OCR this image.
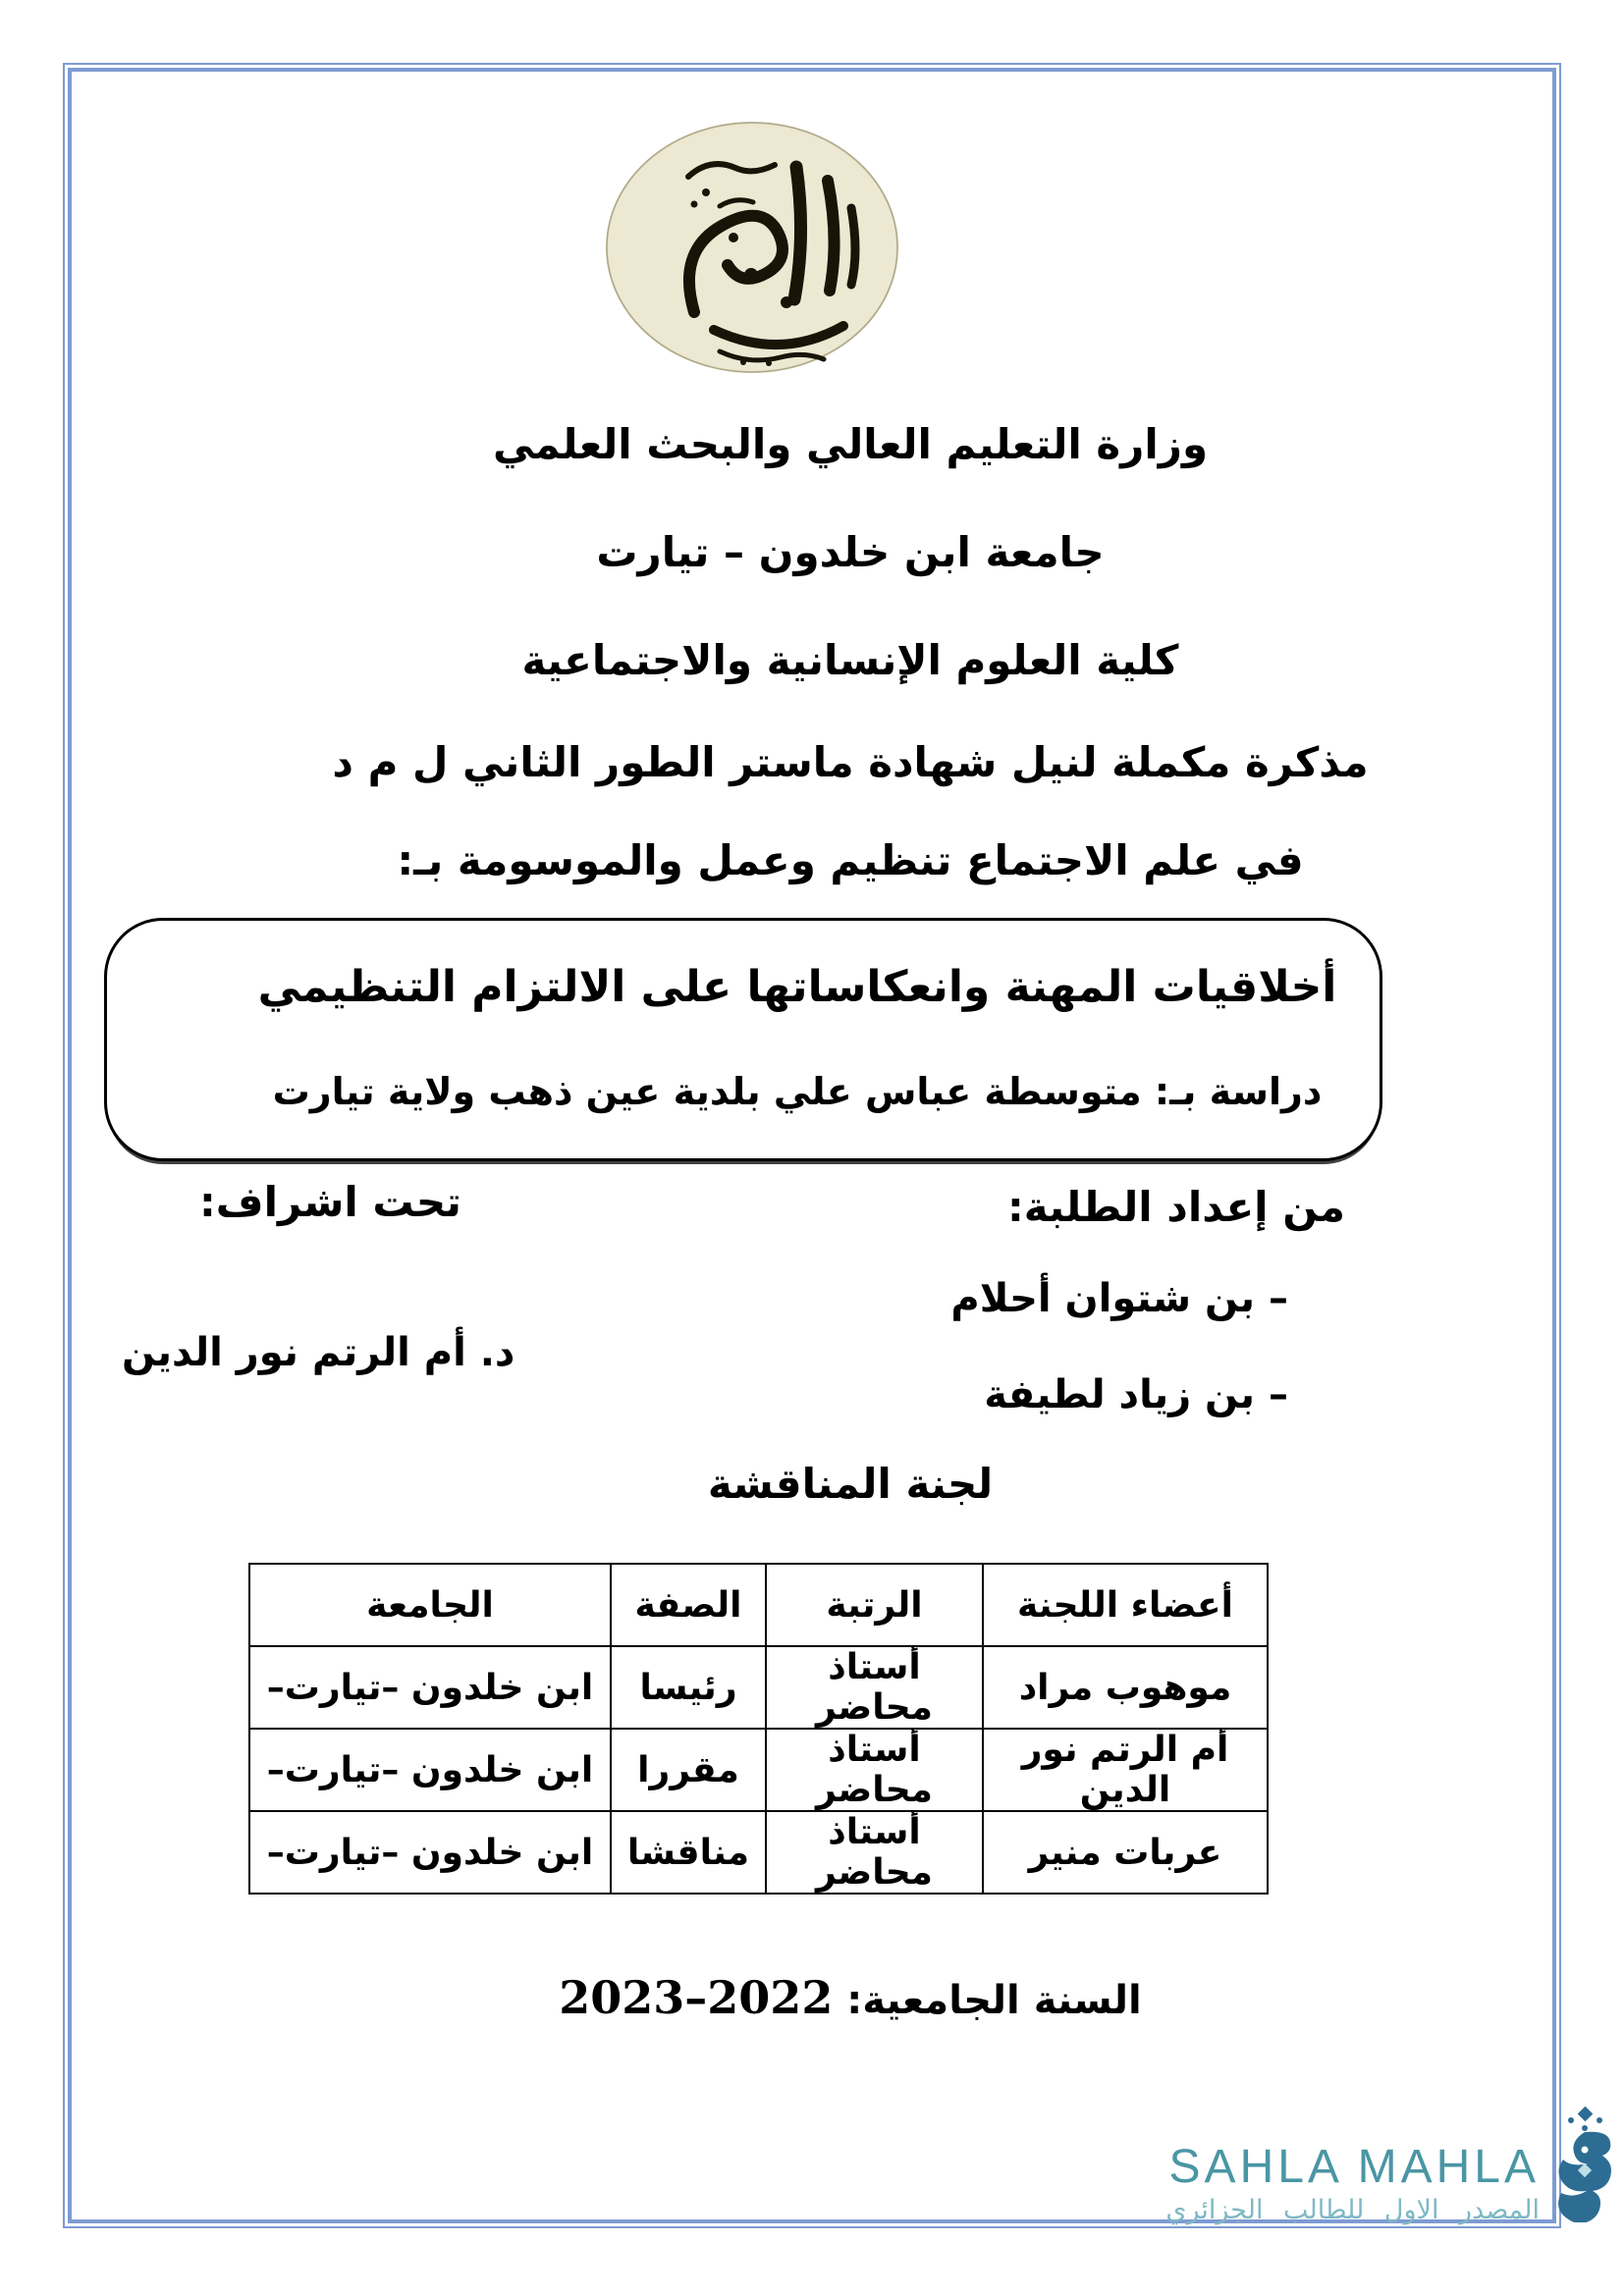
وزارة التعليم العالي والبحث العلمي
جامعة ابن خلدون – تيارت
كلية العلوم الإنسانية والاجتماعية
مذكرة مكملة لنيل شهادة ماستر الطور الثاني ل م د
في علم الاجتماع تنظيم وعمل والموسومة بـ:
أخلاقيات المهنة وانعكاساتها على الالتزام التنظيمي
دراسة بـ: متوسطة عباس علي بلدية عين ذهب ولاية تيارت
من إعداد الطلبة:
تحت اشراف:
– بن شتوان أحلام
د. أم الرتم نور الدين
– بن زياد لطيفة
لجنة المناقشة
أعضاء اللجنة	الرتبة	الصفة	الجامعة
موهوب مراد	أستاذ محاضر	رئيسا	ابن خلدون –تيارت–
أم الرتم نور الدين	أستاذ محاضر	مقررا	ابن خلدون –تيارت–
عربات منير	أستاذ محاضر	مناقشا	ابن خلدون –تيارت–
السنة الجامعية: 2022–2023
SAHLA MAHLA
المصدر الاول للطالب الجزائري
